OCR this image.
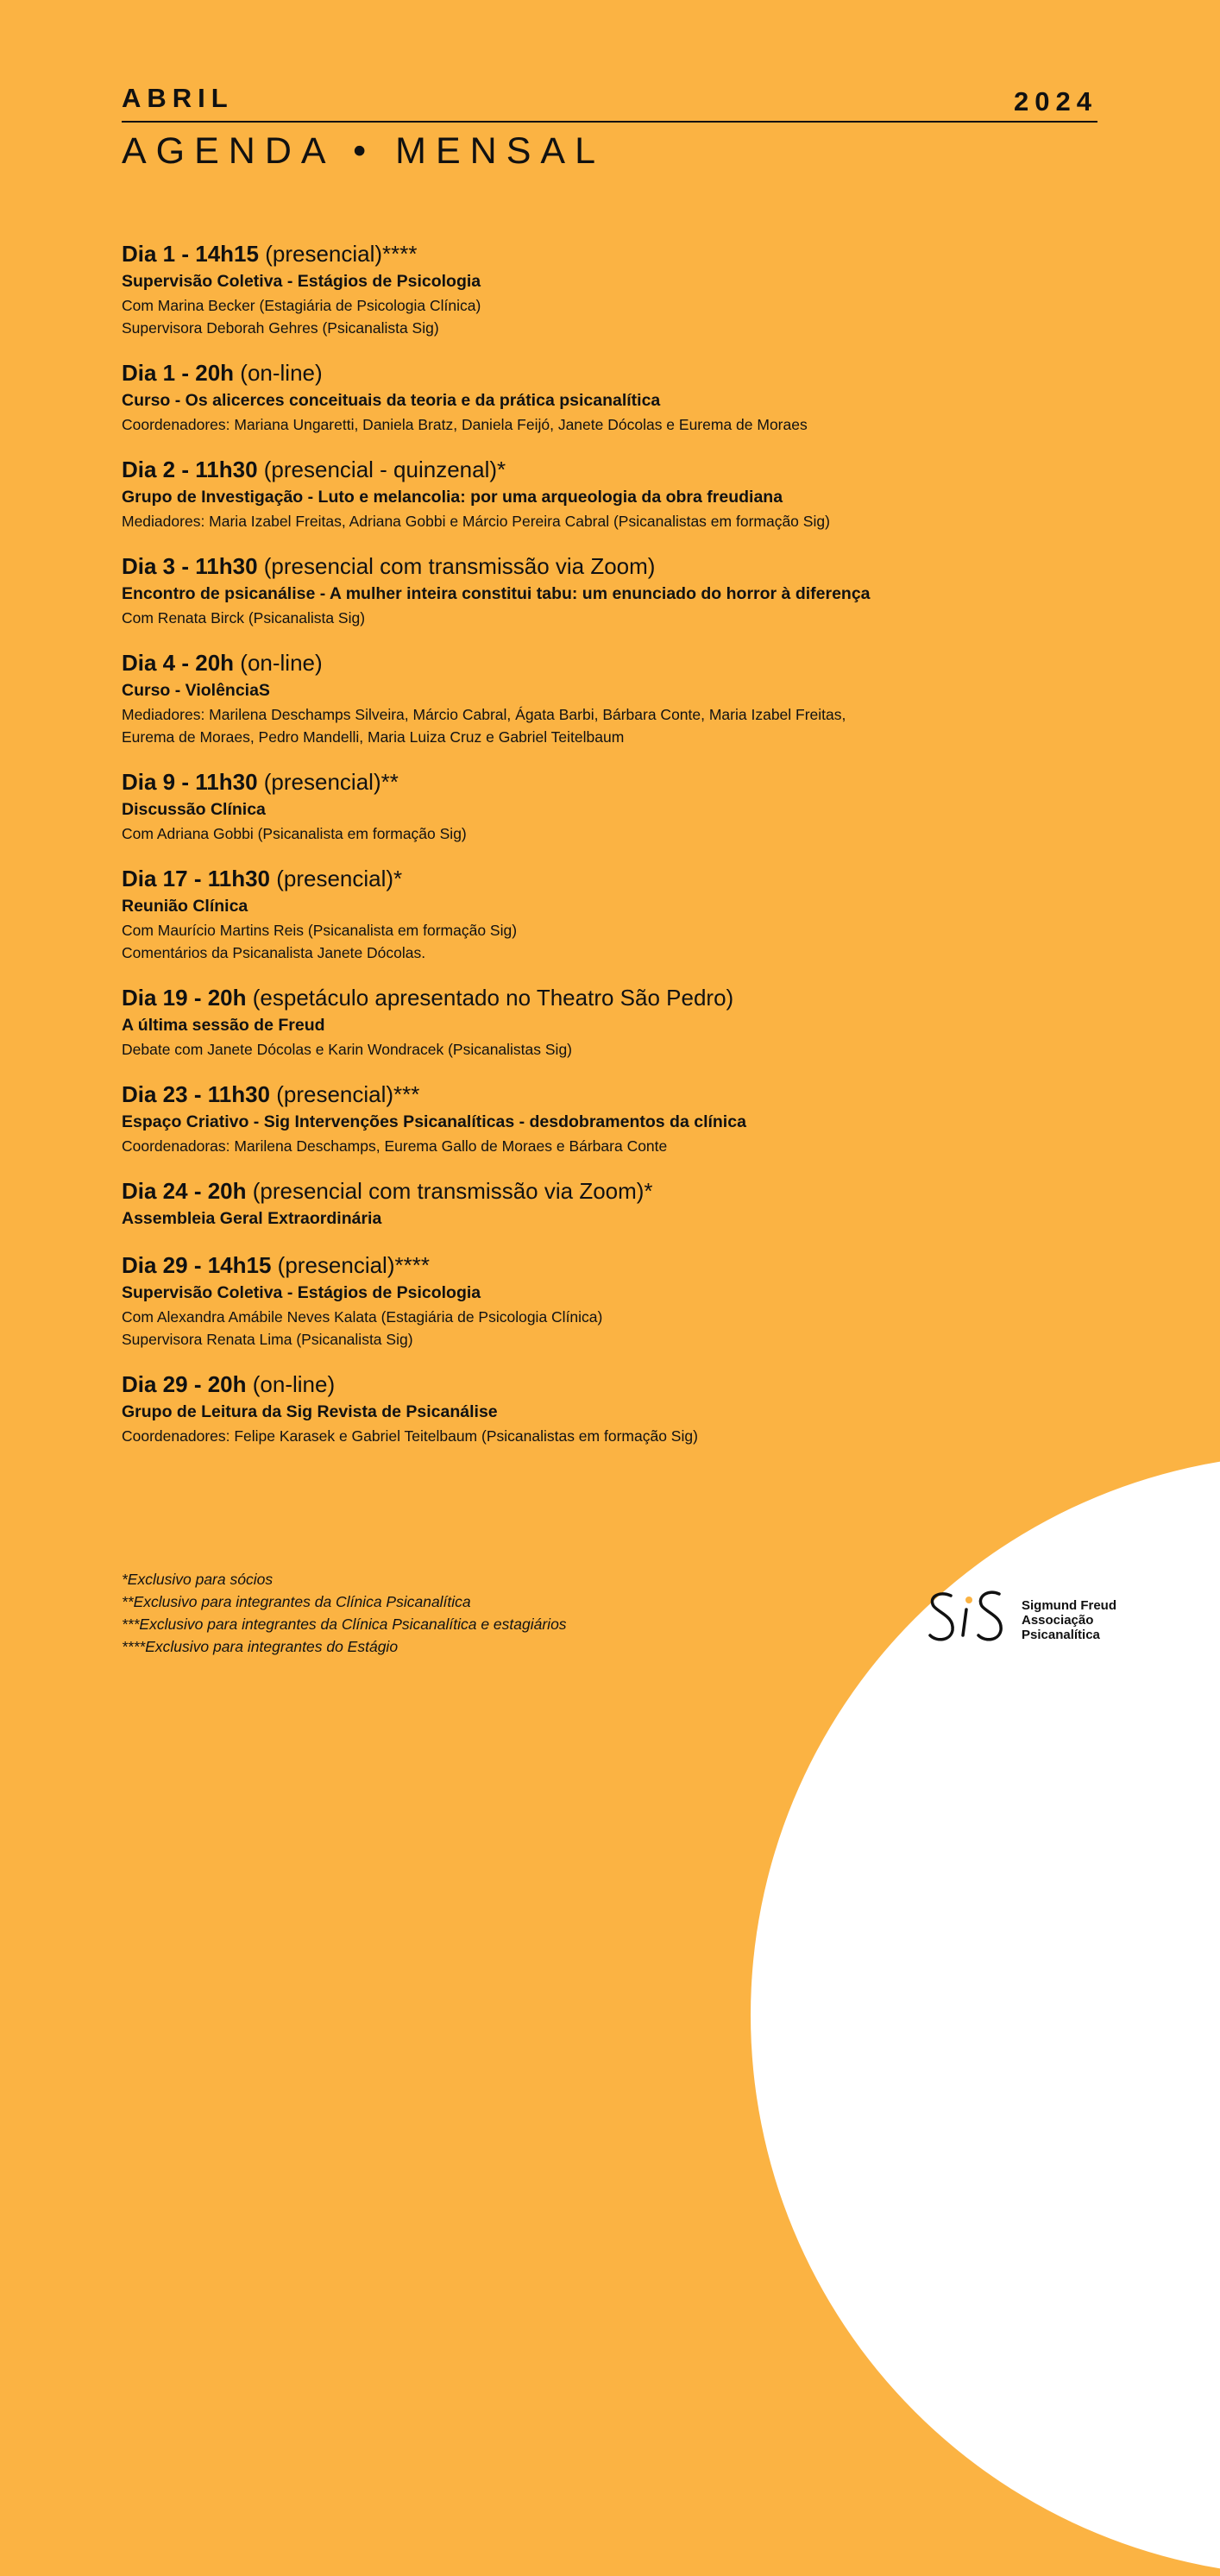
ABRIL	2024
AGENDA • MENSAL
Dia 1 - 14h15 (presencial)****
Supervisão Coletiva - Estágios de Psicologia
Com Marina Becker (Estagiária de Psicologia Clínica)
Supervisora Deborah Gehres (Psicanalista Sig)
Dia 1 - 20h (on-line)
Curso - Os alicerces conceituais da teoria e da prática psicanalítica
Coordenadores: Mariana Ungaretti, Daniela Bratz, Daniela Feijó, Janete Dócolas e Eurema de Moraes
Dia 2 - 11h30 (presencial - quinzenal)*
Grupo de Investigação - Luto e melancolia: por uma arqueologia da obra freudiana
Mediadores: Maria Izabel Freitas, Adriana Gobbi e Márcio Pereira Cabral (Psicanalistas em formação Sig)
Dia 3 - 11h30 (presencial com transmissão via Zoom)
Encontro de psicanálise - A mulher inteira constitui tabu: um enunciado do horror à diferença
Com Renata Birck (Psicanalista Sig)
Dia 4 - 20h (on-line)
Curso - ViolênciaS
Mediadores: Marilena Deschamps Silveira, Márcio Cabral, Ágata Barbi, Bárbara Conte, Maria Izabel Freitas,
Eurema de Moraes, Pedro Mandelli, Maria Luiza Cruz e Gabriel Teitelbaum
Dia 9 - 11h30 (presencial)**
Discussão Clínica
Com Adriana Gobbi (Psicanalista em formação Sig)
Dia 17 - 11h30 (presencial)*
Reunião Clínica
Com Maurício Martins Reis (Psicanalista em formação Sig)
Comentários da Psicanalista Janete Dócolas.
Dia 19 - 20h (espetáculo apresentado no Theatro São Pedro)
A última sessão de Freud
Debate com Janete Dócolas e Karin Wondracek (Psicanalistas Sig)
Dia 23 - 11h30 (presencial)***
Espaço Criativo - Sig Intervenções Psicanalíticas - desdobramentos da clínica
Coordenadoras: Marilena Deschamps, Eurema Gallo de Moraes e Bárbara Conte
Dia 24 - 20h (presencial com transmissão via Zoom)*
Assembleia Geral Extraordinária
Dia 29 - 14h15 (presencial)****
Supervisão Coletiva - Estágios de Psicologia
Com Alexandra Amábile Neves Kalata (Estagiária de Psicologia Clínica)
Supervisora Renata Lima (Psicanalista Sig)
Dia 29 - 20h (on-line)
Grupo de Leitura da Sig Revista de Psicanálise
Coordenadores: Felipe Karasek e Gabriel Teitelbaum (Psicanalistas em formação Sig)
*Exclusivo para sócios
**Exclusivo para integrantes da Clínica Psicanalítica
***Exclusivo para integrantes da Clínica Psicanalítica e estagiários
****Exclusivo para integrantes do Estágio
Sigmund Freud
Associação
Psicanalítica
